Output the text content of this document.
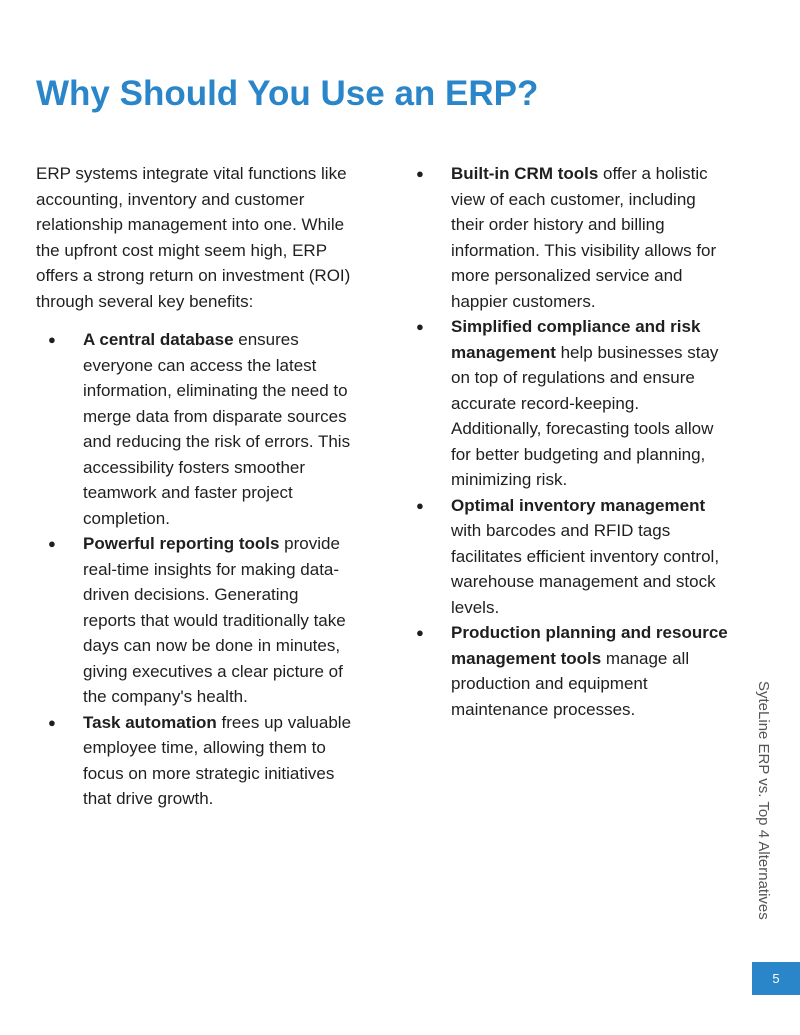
Why Should You Use an ERP?

ERP systems integrate vital functions like accounting, inventory and customer relationship management into one. While the upfront cost might seem high, ERP offers a strong return on investment (ROI) through several key benefits:

●	A central database ensures everyone can access the latest information, eliminating the need to merge data from disparate sources and reducing the risk of errors. This accessibility fosters smoother teamwork and faster project completion.
●	Powerful reporting tools provide real-time insights for making data-driven decisions. Generating reports that would traditionally take days can now be done in minutes, giving executives a clear picture of the company's health.
●	Task automation frees up valuable employee time, allowing them to focus on more strategic initiatives that drive growth.
●	Built-in CRM tools offer a holistic view of each customer, including their order history and billing information. This visibility allows for more personalized service and happier customers.
●	Simplified compliance and risk management help businesses stay on top of regulations and ensure accurate record-keeping. Additionally, forecasting tools allow for better budgeting and planning, minimizing risk.
●	Optimal inventory management with barcodes and RFID tags facilitates efficient inventory control, warehouse management and stock levels.
●	Production planning and resource management tools manage all production and equipment maintenance processes.	SyteLine ERP vs. Top 4 Alternatives
5
